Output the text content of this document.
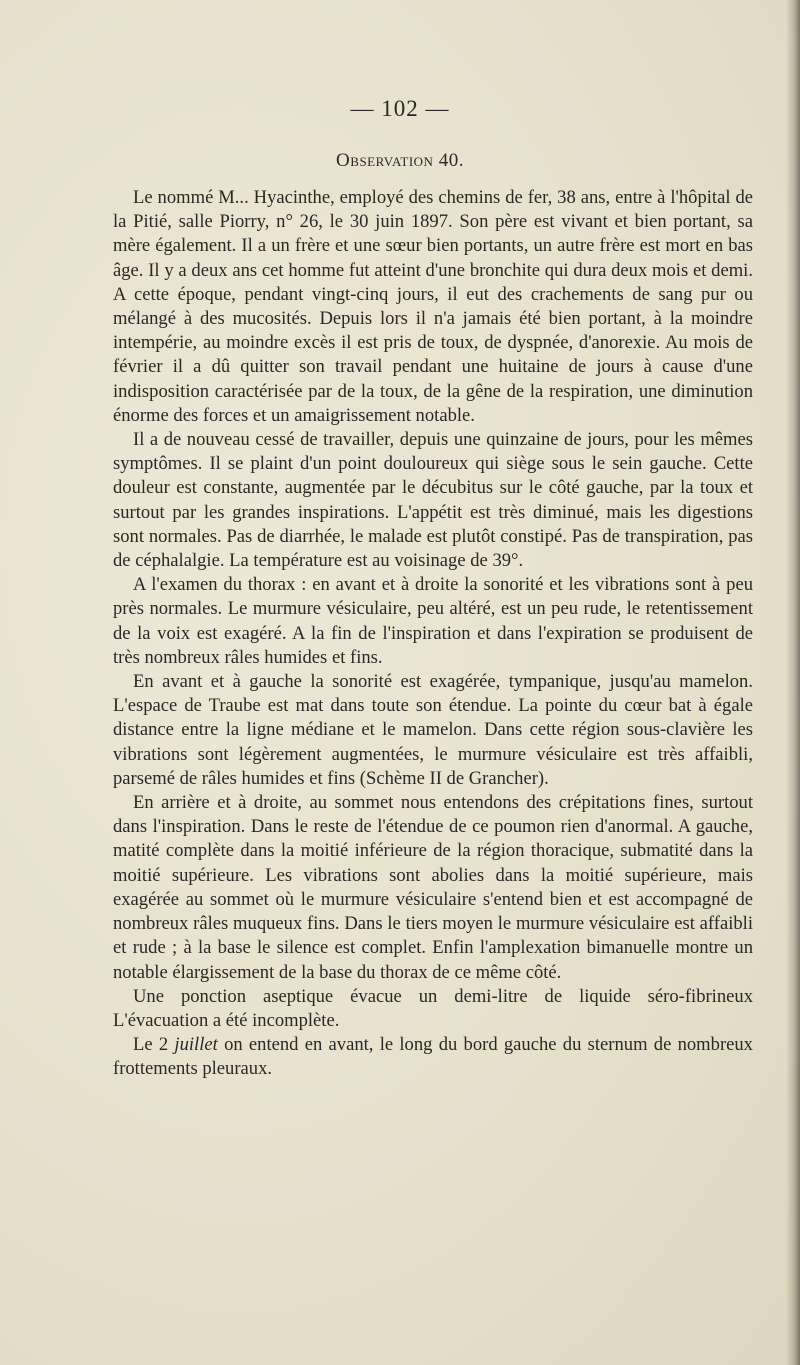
— 102 —
Observation 40.

Le nommé M... Hyacinthe, employé des chemins de fer, 38 ans, entre à l'hôpital de la Pitié, salle Piorry, n° 26, le 30 juin 1897. Son père est vivant et bien portant, sa mère également. Il a un frère et une sœur bien portants, un autre frère est mort en bas âge. Il y a deux ans cet homme fut atteint d'une bronchite qui dura deux mois et demi. A cette époque, pendant vingt-cinq jours, il eut des crachements de sang pur ou mélangé à des mucosités. Depuis lors il n'a jamais été bien portant, à la moindre intempérie, au moindre excès il est pris de toux, de dyspnée, d'anorexie. Au mois de février il a dû quitter son travail pendant une huitaine de jours à cause d'une indisposition caractérisée par de la toux, de la gêne de la respiration, une diminution énorme des forces et un amaigrissement notable.

Il a de nouveau cessé de travailler, depuis une quinzaine de jours, pour les mêmes symptômes. Il se plaint d'un point douloureux qui siège sous le sein gauche. Cette douleur est constante, augmentée par le décubitus sur le côté gauche, par la toux et surtout par les grandes inspirations. L'appétit est très diminué, mais les digestions sont normales. Pas de diarrhée, le malade est plutôt constipé. Pas de transpiration, pas de céphalalgie. La température est au voisinage de 39°.

A l'examen du thorax : en avant et à droite la sonorité et les vibrations sont à peu près normales. Le murmure vésiculaire, peu altéré, est un peu rude, le retentissement de la voix est exagéré. A la fin de l'inspiration et dans l'expiration se produisent de très nombreux râles humides et fins.

En avant et à gauche la sonorité est exagérée, tympanique, jusqu'au mamelon. L'espace de Traube est mat dans toute son étendue. La pointe du cœur bat à égale distance entre la ligne médiane et le mamelon. Dans cette région sous-clavière les vibrations sont légèrement augmentées, le murmure vésiculaire est très affaibli, parsemé de râles humides et fins (Schème II de Grancher).

En arrière et à droite, au sommet nous entendons des crépitations fines, surtout dans l'inspiration. Dans le reste de l'étendue de ce poumon rien d'anormal. A gauche, matité complète dans la moitié inférieure de la région thoracique, submatité dans la moitié supérieure. Les vibrations sont abolies dans la moitié supérieure, mais exagérée au sommet où le murmure vésiculaire s'entend bien et est accompagné de nombreux râles muqueux fins. Dans le tiers moyen le murmure vésiculaire est affaibli et rude ; à la base le silence est complet. Enfin l'amplexation bimanuelle montre un notable élargissement de la base du thorax de ce même côté.

Une ponction aseptique évacue un demi-litre de liquide séro-fibrineux L'évacuation a été incomplète.

Le 2 juillet on entend en avant, le long du bord gauche du sternum de nombreux frottements pleuraux.
